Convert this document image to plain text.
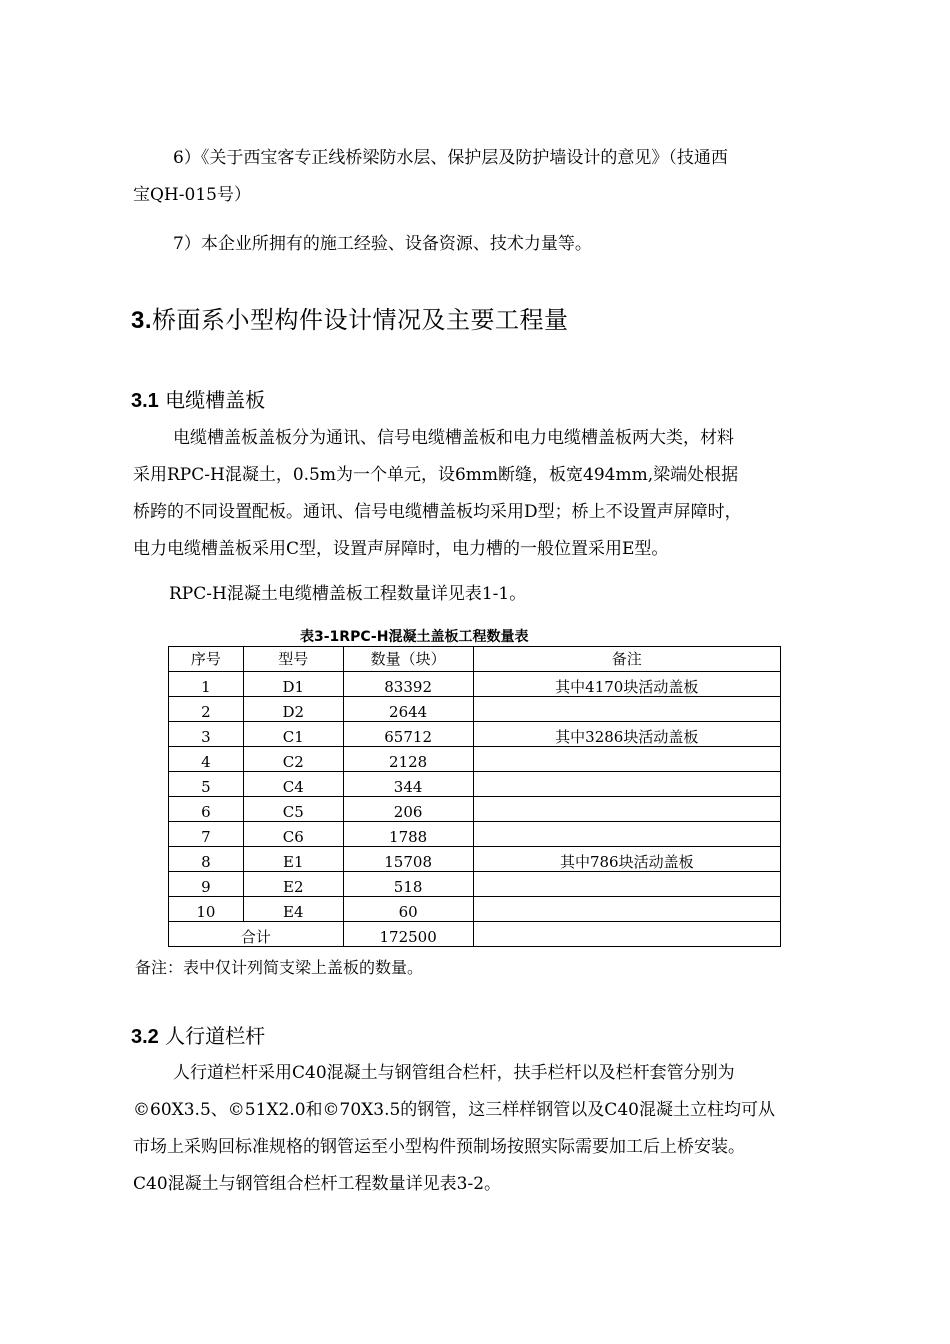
6）《关于西宝客专正线桥梁防水层、保护层及防护墙设计的意见》（技通西

宝QH-015号）

7）本企业所拥有的施工经验、设备资源、技术力量等。

3.桥面系小型构件设计情况及主要工程量
3.1 电缆槽盖板

电缆槽盖板盖板分为通讯、信号电缆槽盖板和电力电缆槽盖板两大类，材料

采用RPC-H混凝土，0.5m为一个单元，设6mm断缝，板宽494mm,梁端处根据

桥跨的不同设置配板。通讯、信号电缆槽盖板均采用D型；桥上不设置声屏障时，

电力电缆槽盖板采用C型，设置声屏障时，电力槽的一般位置采用E型。

RPC-H混凝土电缆槽盖板工程数量详见表1-1。

表3-1RPC-H混凝土盖板工程数量表

序号	型号	数量（块）	备注
1	D1	83392	其中4170块活动盖板
2	D2	2644	
3	C1	65712	其中3286块活动盖板
4	C2	2128	
5	C4	344	
6	C5	206	
7	C6	1788	
8	E1	15708	其中786块活动盖板
9	E2	518	
10	E4	60	
合计		172500	

备注：表中仅计列简支梁上盖板的数量。

3.2 人行道栏杆

人行道栏杆采用C40混凝土与钢管组合栏杆，扶手栏杆以及栏杆套管分别为

©60X3.5、©51X2.0和©70X3.5的钢管，这三样样钢管以及C40混凝土立柱均可从

市场上采购回标准规格的钢管运至小型构件预制场按照实际需要加工后上桥安装。

C40混凝土与钢管组合栏杆工程数量详见表3-2。
